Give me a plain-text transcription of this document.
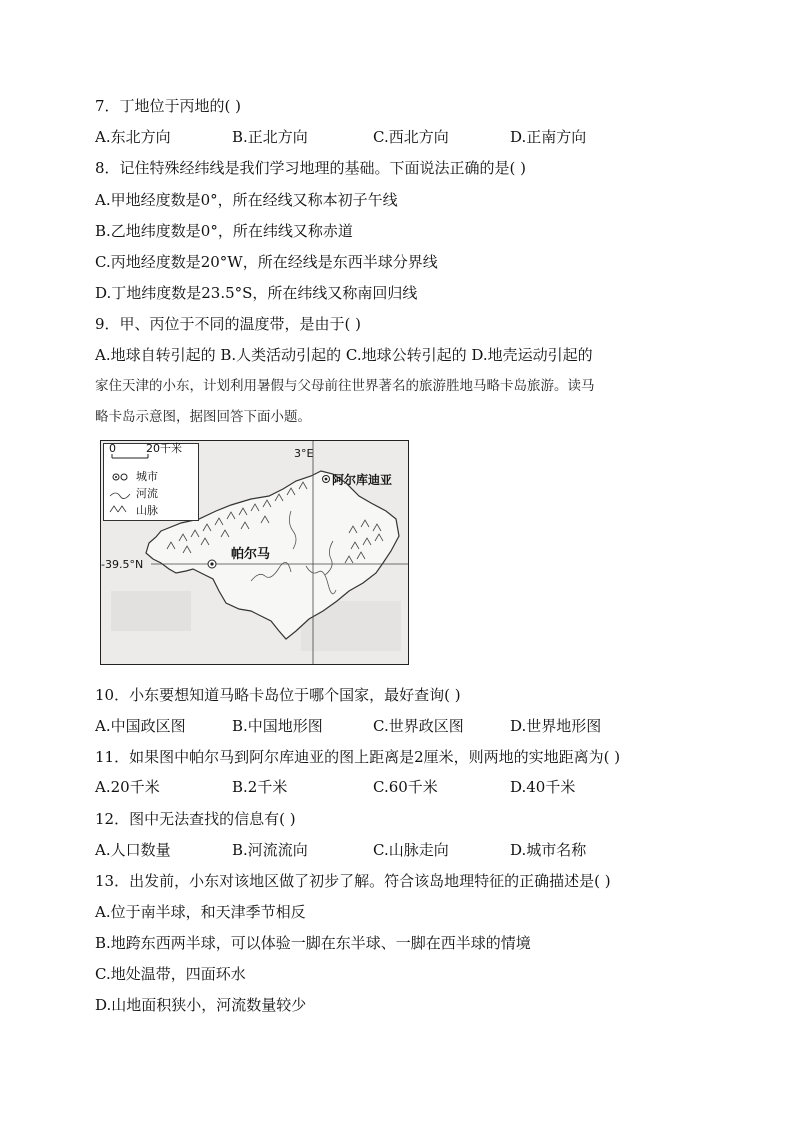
7．丁地位于丙地的( )
A.东北方向	B.正北方向	C.西北方向	D.正南方向
8．记住特殊经纬线是我们学习地理的基础。下面说法正确的是( )
A.甲地经度数是0°，所在经线又称本初子午线
B.乙地纬度数是0°，所在纬线又称赤道
C.丙地经度数是20°W，所在经线是东西半球分界线
D.丁地纬度数是23.5°S，所在纬线又称南回归线
9．甲、丙位于不同的温度带，是由于( )
A.地球自转引起的 B.人类活动引起的 C.地球公转引起的 D.地壳运动引起的
家住天津的小东，计划利用暑假与父母前往世界著名的旅游胜地马略卡岛旅游。读马
略卡岛示意图，据图回答下面小题。
0	20千米
城市
河流
山脉
3°E
-39.5°N
阿尔库迪亚
帕尔马
10．小东要想知道马略卡岛位于哪个国家，最好查询( )
A.中国政区图	B.中国地形图	C.世界政区图	D.世界地形图
11．如果图中帕尔马到阿尔库迪亚的图上距离是2厘米，则两地的实地距离为( )
A.20千米	B.2千米	C.60千米	D.40千米
12．图中无法查找的信息有( )
A.人口数量	B.河流流向	C.山脉走向	D.城市名称
13．出发前，小东对该地区做了初步了解。符合该岛地理特征的正确描述是( )
A.位于南半球，和天津季节相反
B.地跨东西两半球，可以体验一脚在东半球、一脚在西半球的情境
C.地处温带，四面环水
D.山地面积狭小，河流数量较少
